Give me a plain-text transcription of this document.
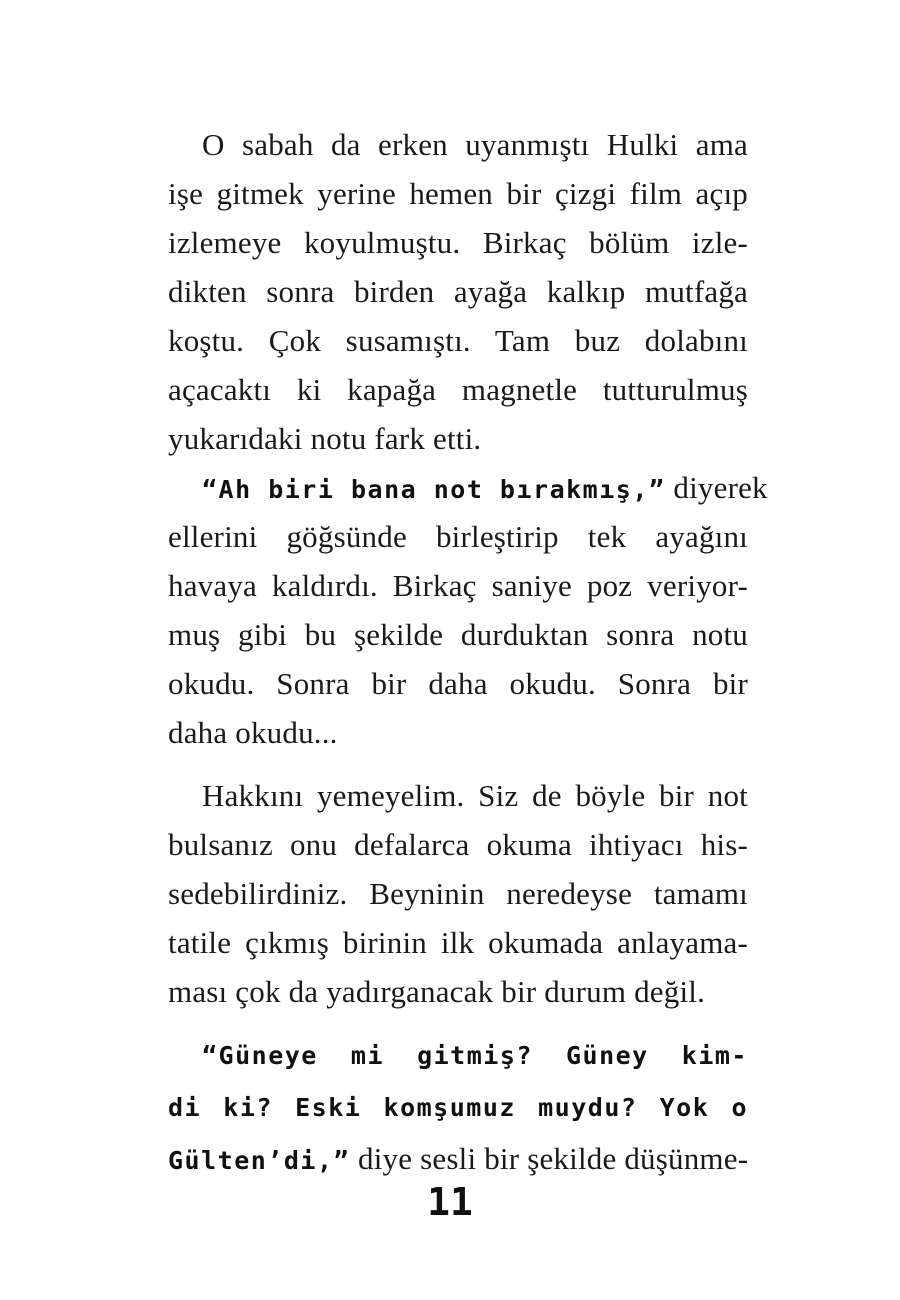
O sabah da erken uyanmıştı Hulki ama
işe gitmek yerine hemen bir çizgi film açıp
izlemeye koyulmuştu. Birkaç bölüm izle-
dikten sonra birden ayağa kalkıp mutfağa
koştu. Çok susamıştı. Tam buz dolabını
açacaktı ki kapağa magnetle tutturulmuş
yukarıdaki notu fark etti.
“Ah biri bana not bırakmış,” diyerek
ellerini göğsünde birleştirip tek ayağını
havaya kaldırdı. Birkaç saniye poz veriyor-
muş gibi bu şekilde durduktan sonra notu
okudu. Sonra bir daha okudu. Sonra bir
daha okudu...
Hakkını yemeyelim. Siz de böyle bir not
bulsanız onu defalarca okuma ihtiyacı his-
sedebilirdiniz. Beyninin neredeyse tamamı
tatile çıkmış birinin ilk okumada anlayama-
ması çok da yadırganacak bir durum değil.
“Güneye mi gitmiş? Güney kim-
di ki? Eski komşumuz muydu? Yok o
Gülten’di,” diye sesli bir şekilde düşünme-
11
